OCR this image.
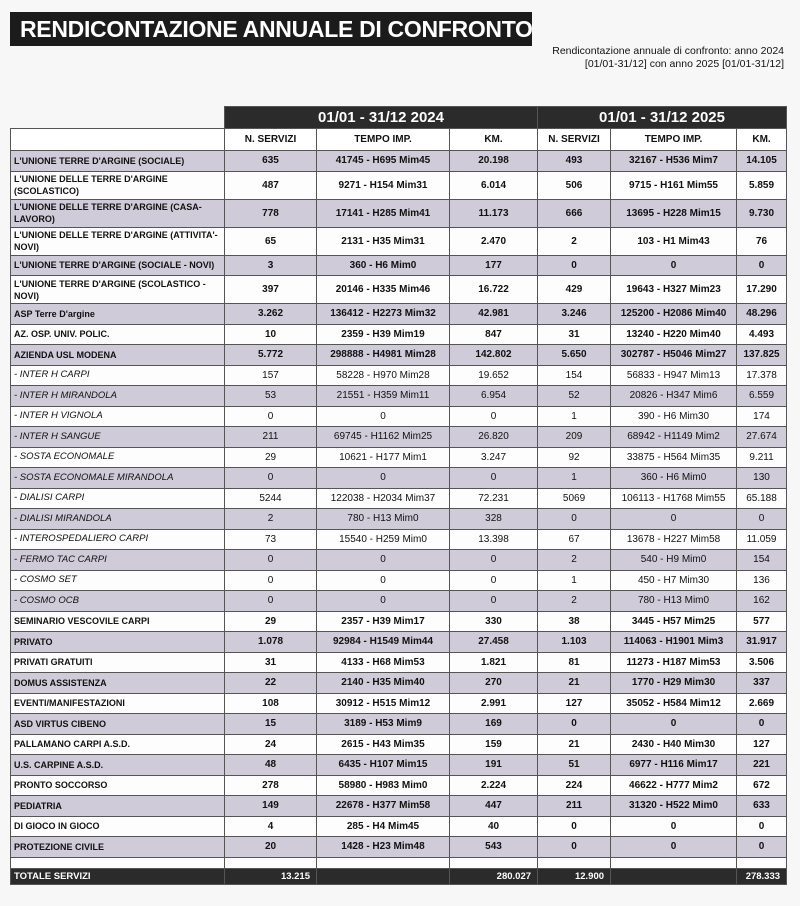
RENDICONTAZIONE ANNUALE DI CONFRONTO
Rendicontazione annuale di confronto: anno 2024
[01/01-31/12] con anno 2025 [01/01-31/12]
	01/01 - 31/12 2024			01/01 - 31/12 2025		
	N. SERVIZI	TEMPO IMP.	KM.	N. SERVIZI	TEMPO IMP.	KM.
L'UNIONE TERRE D'ARGINE (SOCIALE)	635	41745 - H695 Mim45	20.198	493	32167 - H536 Mim7	14.105
L'UNIONE DELLE TERRE D'ARGINE (SCOLASTICO)	487	9271 - H154 Mim31	6.014	506	9715 - H161 Mim55	5.859
L'UNIONE DELLE TERRE D'ARGINE (CASA-LAVORO)	778	17141 - H285 Mim41	11.173	666	13695 - H228 Mim15	9.730
L'UNIONE DELLE TERRE D'ARGINE (ATTIVITA'-NOVI)	65	2131 - H35 Mim31	2.470	2	103 - H1 Mim43	76
L'UNIONE TERRE D'ARGINE (SOCIALE - NOVI)	3	360 - H6 Mim0	177	0	0	0
L'UNIONE TERRE D'ARGINE (SCOLASTICO - NOVI)	397	20146 - H335 Mim46	16.722	429	19643 - H327 Mim23	17.290
ASP Terre D'argine	3.262	136412 - H2273 Mim32	42.981	3.246	125200 - H2086 Mim40	48.296
AZ. OSP. UNIV. POLIC.	10	2359 - H39 Mim19	847	31	13240 - H220 Mim40	4.493
AZIENDA USL MODENA	5.772	298888 - H4981 Mim28	142.802	5.650	302787 - H5046 Mim27	137.825
- INTER H CARPI	157	58228 - H970 Mim28	19.652	154	56833 - H947 Mim13	17.378
- INTER H MIRANDOLA	53	21551 - H359 Mim11	6.954	52	20826 - H347 Mim6	6.559
- INTER H VIGNOLA	0	0	0	1	390 - H6 Mim30	174
- INTER H SANGUE	211	69745 - H1162 Mim25	26.820	209	68942 - H1149 Mim2	27.674
- SOSTA ECONOMALE	29	10621 - H177 Mim1	3.247	92	33875 - H564 Mim35	9.211
- SOSTA ECONOMALE MIRANDOLA	0	0	0	1	360 - H6 Mim0	130
- DIALISI CARPI	5244	122038 - H2034 Mim37	72.231	5069	106113 - H1768 Mim55	65.188
- DIALISI MIRANDOLA	2	780 - H13 Mim0	328	0	0	0
- INTEROSPEDALIERO CARPI	73	15540 - H259 Mim0	13.398	67	13678 - H227 Mim58	11.059
- FERMO TAC CARPI	0	0	0	2	540 - H9 Mim0	154
- COSMO SET	0	0	0	1	450 - H7 Mim30	136
- COSMO OCB	0	0	0	2	780 - H13 Mim0	162
SEMINARIO VESCOVILE CARPI	29	2357 - H39 Mim17	330	38	3445 - H57 Mim25	577
PRIVATO	1.078	92984 - H1549 Mim44	27.458	1.103	114063 - H1901 Mim3	31.917
PRIVATI GRATUITI	31	4133 - H68 Mim53	1.821	81	11273 - H187 Mim53	3.506
DOMUS ASSISTENZA	22	2140 - H35 Mim40	270	21	1770 - H29 Mim30	337
EVENTI/MANIFESTAZIONI	108	30912 - H515 Mim12	2.991	127	35052 - H584 Mim12	2.669
ASD VIRTUS CIBENO	15	3189 - H53 Mim9	169	0	0	0
PALLAMANO CARPI A.S.D.	24	2615 - H43 Mim35	159	21	2430 - H40 Mim30	127
U.S. CARPINE A.S.D.	48	6435 - H107 Mim15	191	51	6977 - H116 Mim17	221
PRONTO SOCCORSO	278	58980 - H983 Mim0	2.224	224	46622 - H777 Mim2	672
PEDIATRIA	149	22678 - H377 Mim58	447	211	31320 - H522 Mim0	633
DI GIOCO IN GIOCO	4	285 - H4 Mim45	40	0	0	0
PROTEZIONE CIVILE	20	1428 - H23 Mim48	543	0	0	0

TOTALE SERVIZI	13.215		280.027	12.900		278.333
